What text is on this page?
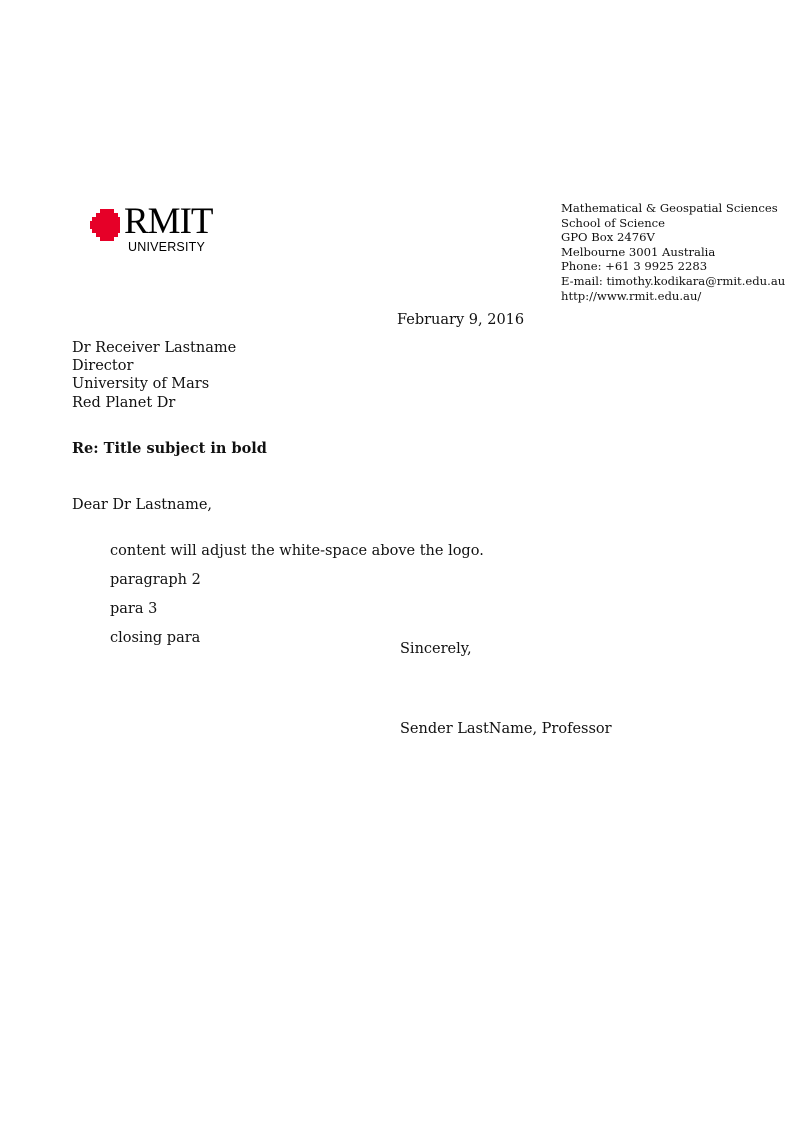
RMIT
UNIVERSITY
Mathematical & Geospatial Sciences
School of Science
GPO Box 2476V
Melbourne 3001 Australia
Phone: +61 3 9925 2283
E-mail: timothy.kodikara@rmit.edu.au
http://www.rmit.edu.au/
February 9, 2016
Dr Receiver Lastname
Director
University of Mars
Red Planet Dr
Re: Title subject in bold
Dear Dr Lastname,
content will adjust the white-space above the logo.
paragraph 2
para 3
closing para
Sincerely,
Sender LastName, Professor
